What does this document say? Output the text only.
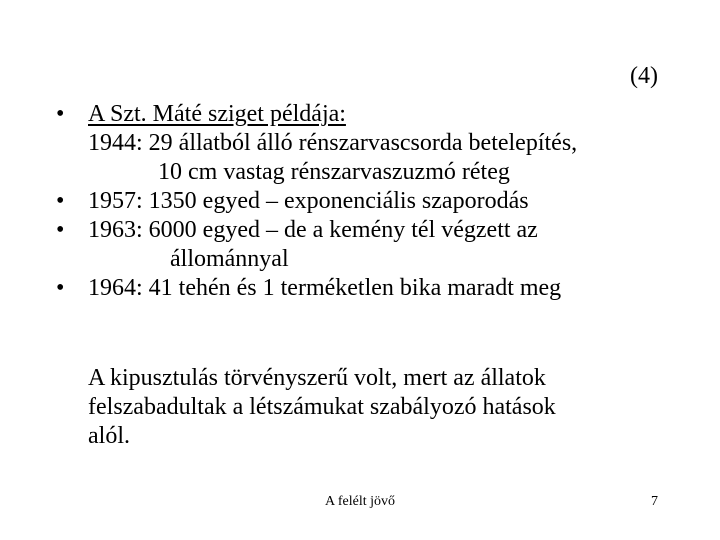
(4)
• A Szt. Máté sziget példája:
1944: 29 állatból álló rénszarvascsorda betelepítés,
10 cm vastag rénszarvaszuzmó réteg
• 1957: 1350 egyed – exponenciális szaporodás
• 1963: 6000 egyed – de a kemény tél végzett az
állománnyal
• 1964: 41 tehén és 1 terméketlen bika maradt meg

A kipusztulás törvényszerű volt, mert az állatok
felszabadultak a létszámukat szabályozó hatások
alól.

A felélt jövő	7
